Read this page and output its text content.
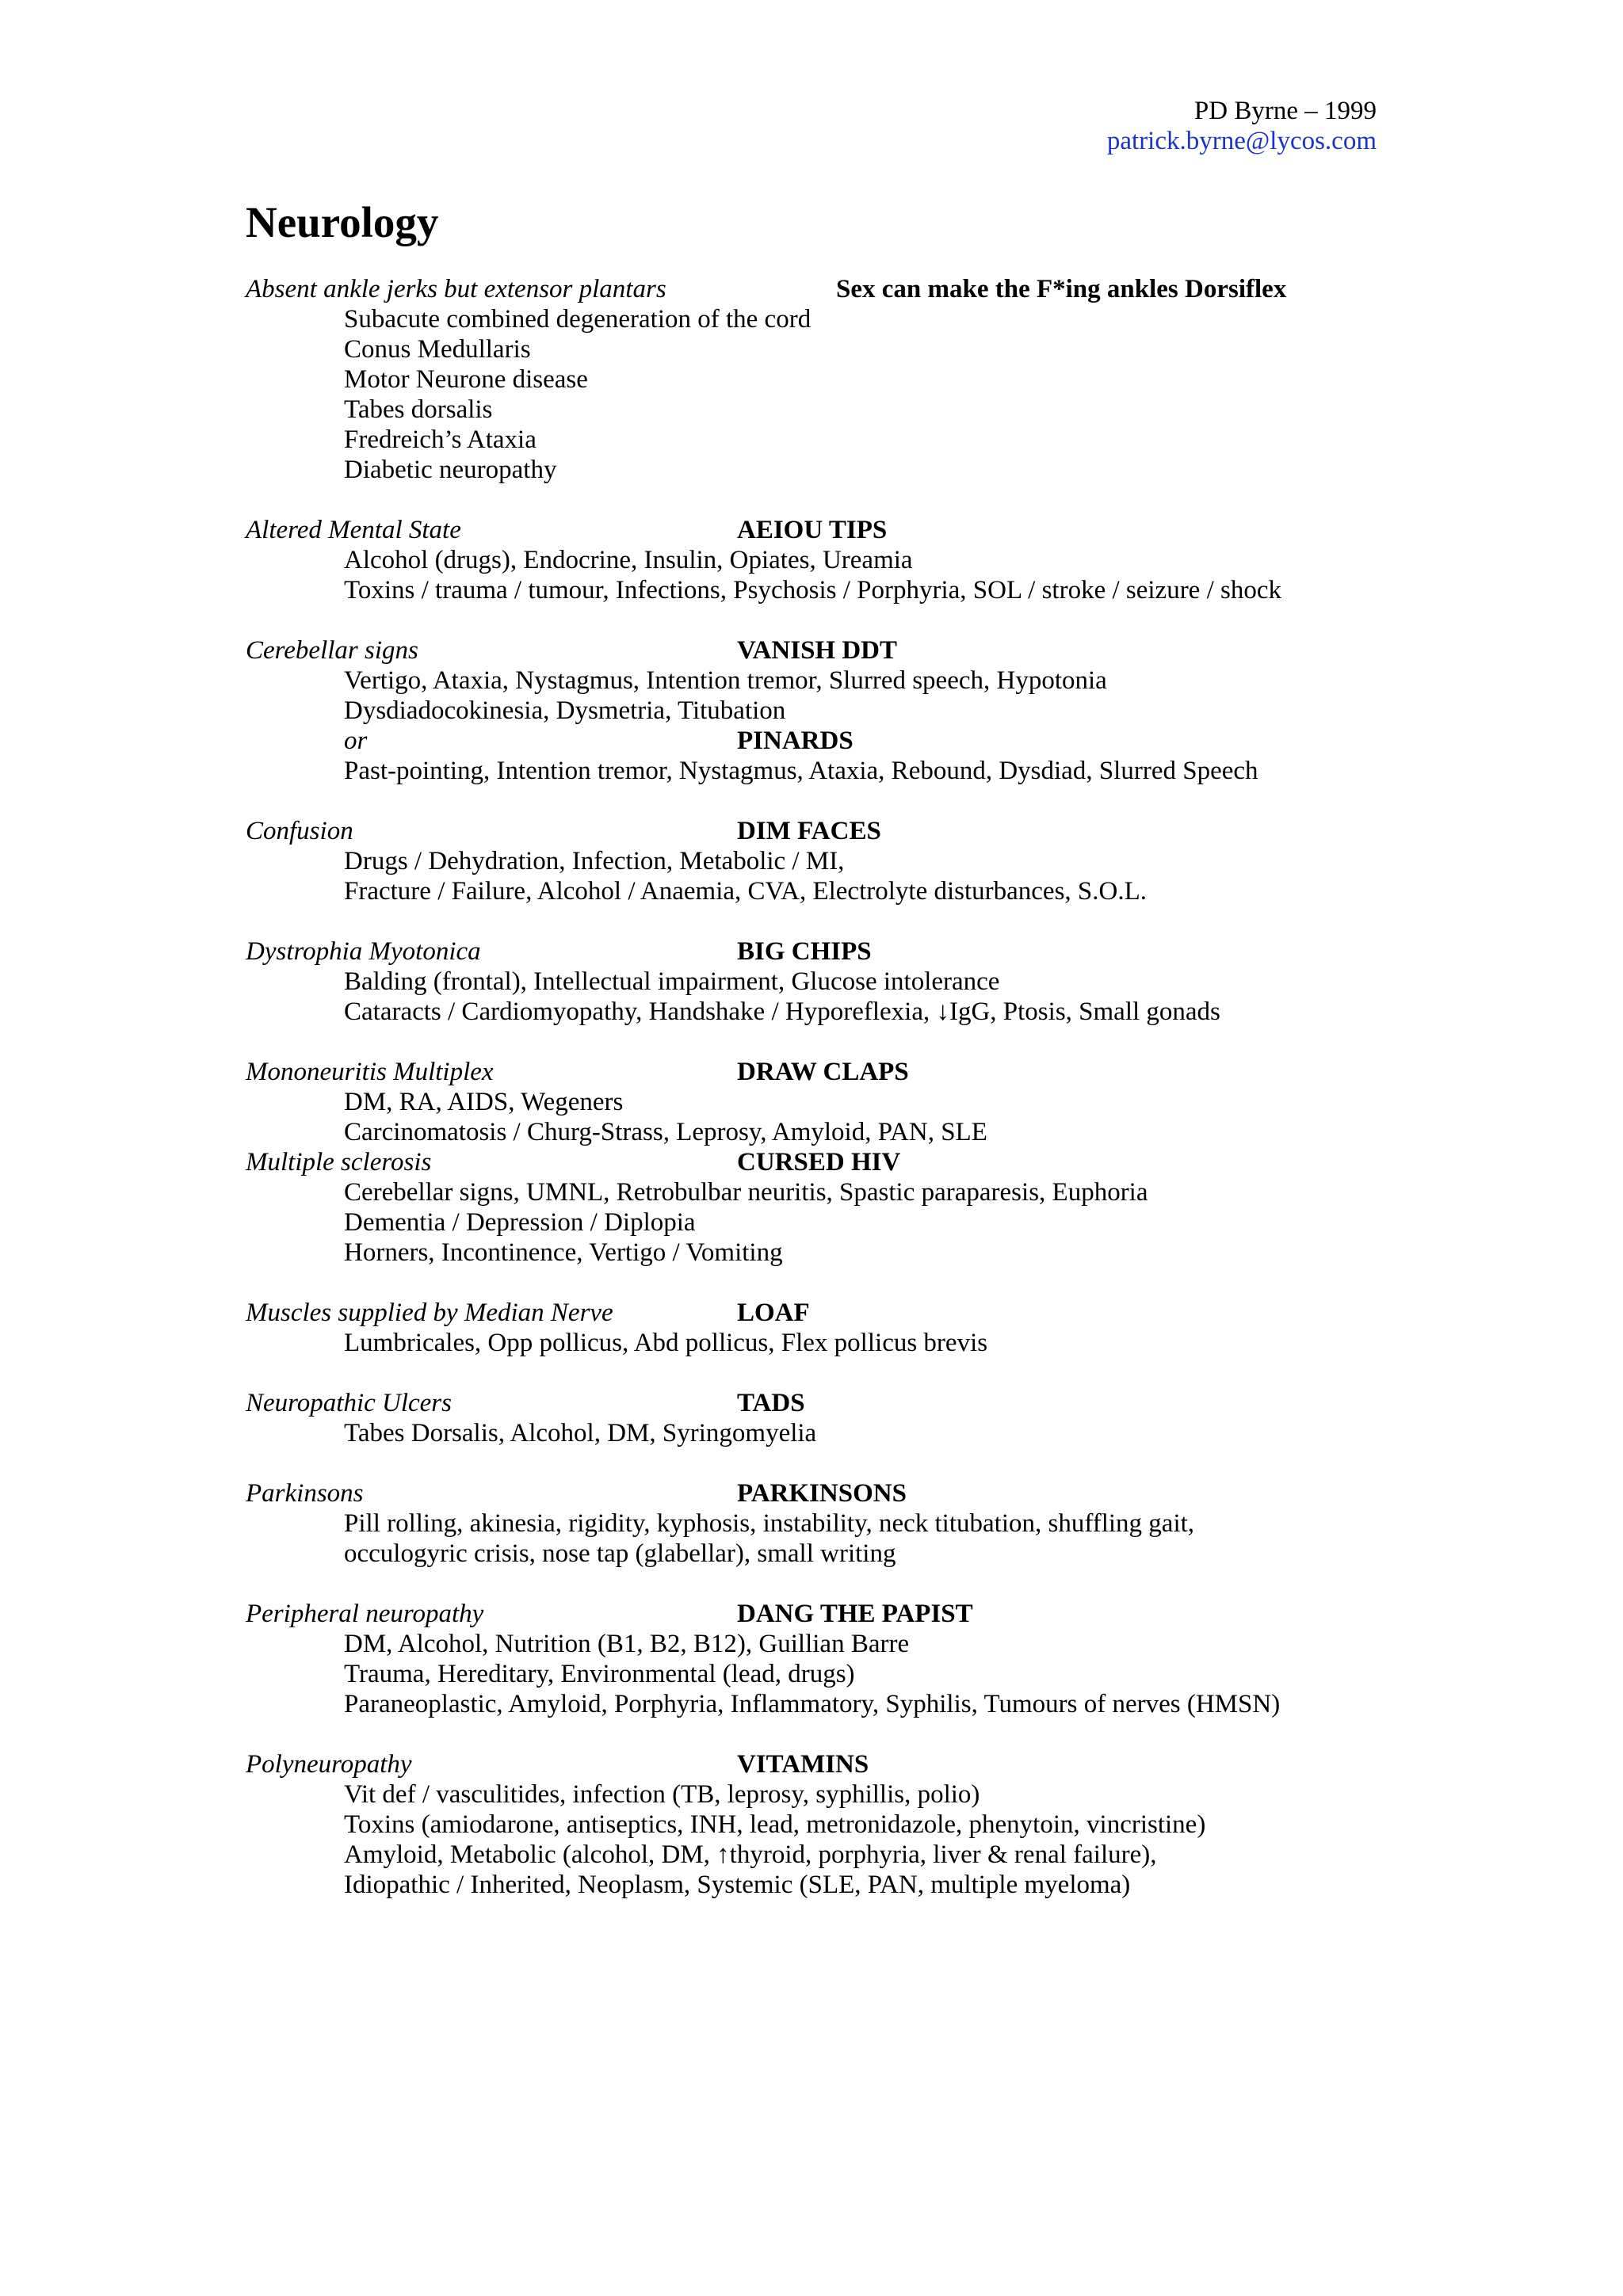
PD Byrne – 1999
patrick.byrne@lycos.com
Neurology
Absent ankle jerks but extensor plantars	Sex can make the F*ing ankles Dorsiflex
Subacute combined degeneration of the cord
Conus Medullaris
Motor Neurone disease
Tabes dorsalis
Fredreich’s Ataxia
Diabetic neuropathy
Altered Mental State	AEIOU TIPS
Alcohol (drugs), Endocrine, Insulin, Opiates, Ureamia
Toxins / trauma / tumour, Infections, Psychosis / Porphyria, SOL / stroke / seizure / shock
Cerebellar signs	VANISH DDT
Vertigo, Ataxia, Nystagmus, Intention tremor, Slurred speech, Hypotonia
Dysdiadocokinesia, Dysmetria, Titubation
or	PINARDS
Past-pointing, Intention tremor, Nystagmus, Ataxia, Rebound, Dysdiad, Slurred Speech
Confusion	DIM FACES
Drugs / Dehydration, Infection, Metabolic / MI,
Fracture / Failure, Alcohol / Anaemia, CVA, Electrolyte disturbances, S.O.L.
Dystrophia Myotonica	BIG CHIPS
Balding (frontal), Intellectual impairment, Glucose intolerance
Cataracts / Cardiomyopathy, Handshake / Hyporeflexia, ↓IgG, Ptosis, Small gonads
Mononeuritis Multiplex	DRAW CLAPS
DM, RA, AIDS, Wegeners
Carcinomatosis / Churg-Strass, Leprosy, Amyloid, PAN, SLE
Multiple sclerosis	CURSED HIV
Cerebellar signs, UMNL, Retrobulbar neuritis, Spastic paraparesis, Euphoria
Dementia / Depression / Diplopia
Horners, Incontinence, Vertigo / Vomiting
Muscles supplied by Median Nerve	LOAF
Lumbricales, Opp pollicus, Abd pollicus, Flex pollicus brevis
Neuropathic Ulcers	TADS
Tabes Dorsalis, Alcohol, DM, Syringomyelia
Parkinsons	PARKINSONS
Pill rolling, akinesia, rigidity, kyphosis, instability, neck titubation, shuffling gait,
occulogyric crisis, nose tap (glabellar), small writing
Peripheral neuropathy	DANG THE PAPIST
DM, Alcohol, Nutrition (B1, B2, B12), Guillian Barre
Trauma, Hereditary, Environmental (lead, drugs)
Paraneoplastic, Amyloid, Porphyria, Inflammatory, Syphilis, Tumours of nerves (HMSN)
Polyneuropathy	VITAMINS
Vit def / vasculitides, infection (TB, leprosy, syphillis, polio)
Toxins (amiodarone, antiseptics, INH, lead, metronidazole, phenytoin, vincristine)
Amyloid, Metabolic (alcohol, DM, ↑thyroid, porphyria, liver & renal failure),
Idiopathic / Inherited, Neoplasm, Systemic (SLE, PAN, multiple myeloma)
